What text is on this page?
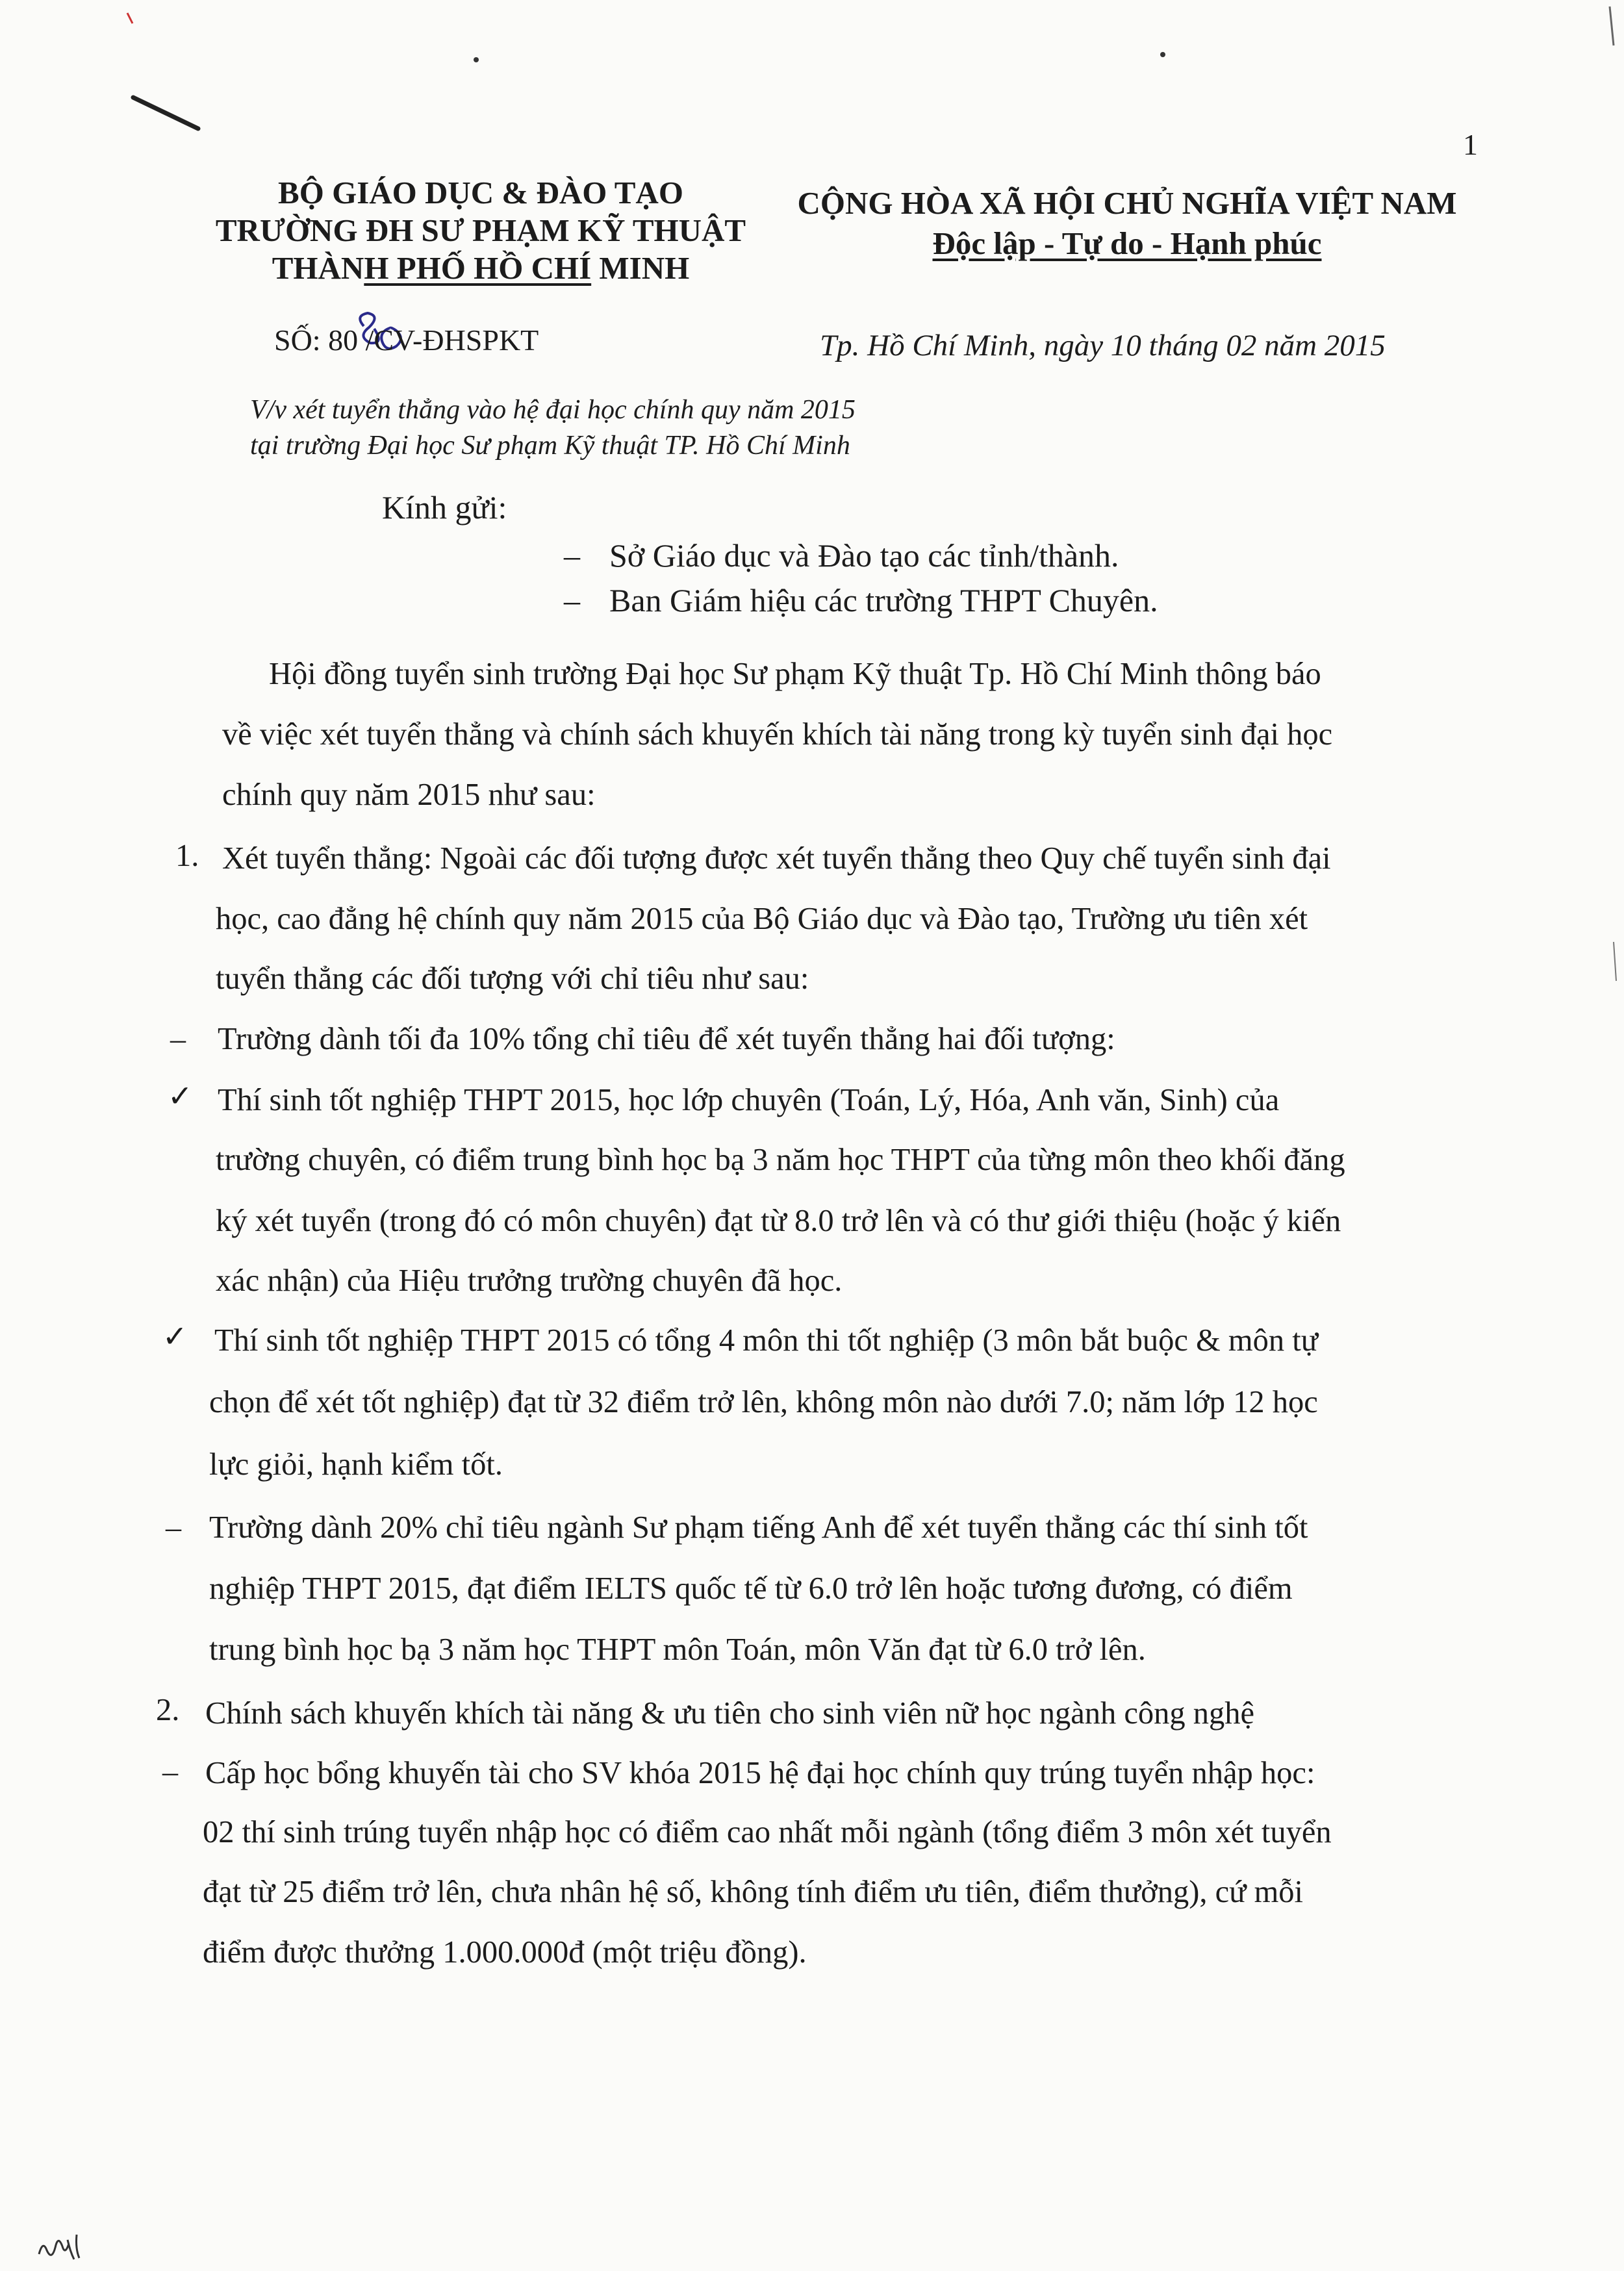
1
BỘ GIÁO DỤC & ĐÀO TẠO
TRƯỜNG ĐH SƯ PHẠM KỸ THUẬT
THÀNH PHỐ HỒ CHÍ MINH
CỘNG HÒA XÃ HỘI CHỦ NGHĨA VIỆT NAM
Độc lập - Tự do - Hạnh phúc
SỐ: 80 /CV-ĐHSPKT	Tp. Hồ Chí Minh, ngày 10 tháng 02 năm 2015
V/v xét tuyển thẳng vào hệ đại học chính quy năm 2015
tại trường Đại học Sư phạm Kỹ thuật TP. Hồ Chí Minh
Kính gửi:
– Sở Giáo dục và Đào tạo các tỉnh/thành.
– Ban Giám hiệu các trường THPT Chuyên.
Hội đồng tuyển sinh trường Đại học Sư phạm Kỹ thuật Tp. Hồ Chí Minh thông báo
về việc xét tuyển thẳng và chính sách khuyến khích tài năng trong kỳ tuyển sinh đại học
chính quy năm 2015 như sau:
1. Xét tuyển thẳng: Ngoài các đối tượng được xét tuyển thẳng theo Quy chế tuyển sinh đại
học, cao đẳng hệ chính quy năm 2015 của Bộ Giáo dục và Đào tạo, Trường ưu tiên xét
tuyển thẳng các đối tượng với chỉ tiêu như sau:
– Trường dành tối đa 10% tổng chỉ tiêu để xét tuyển thẳng hai đối tượng:
✓ Thí sinh tốt nghiệp THPT 2015, học lớp chuyên (Toán, Lý, Hóa, Anh văn, Sinh) của
trường chuyên, có điểm trung bình học bạ 3 năm học THPT của từng môn theo khối đăng
ký xét tuyển (trong đó có môn chuyên) đạt từ 8.0 trở lên và có thư giới thiệu (hoặc ý kiến
xác nhận) của Hiệu trưởng trường chuyên đã học.
✓ Thí sinh tốt nghiệp THPT 2015 có tổng 4 môn thi tốt nghiệp (3 môn bắt buộc & môn tự
chọn để xét tốt nghiệp) đạt từ 32 điểm trở lên, không môn nào dưới 7.0; năm lớp 12 học
lực giỏi, hạnh kiểm tốt.
– Trường dành 20% chỉ tiêu ngành Sư phạm tiếng Anh để xét tuyển thẳng các thí sinh tốt
nghiệp THPT 2015, đạt điểm IELTS quốc tế từ 6.0 trở lên hoặc tương đương, có điểm
trung bình học bạ 3 năm học THPT môn Toán, môn Văn đạt từ 6.0 trở lên.
2. Chính sách khuyến khích tài năng & ưu tiên cho sinh viên nữ học ngành công nghệ
– Cấp học bổng khuyến tài cho SV khóa 2015 hệ đại học chính quy trúng tuyển nhập học:
02 thí sinh trúng tuyển nhập học có điểm cao nhất mỗi ngành (tổng điểm 3 môn xét tuyển
đạt từ 25 điểm trở lên, chưa nhân hệ số, không tính điểm ưu tiên, điểm thưởng), cứ mỗi
điểm được thưởng 1.000.000đ (một triệu đồng).
